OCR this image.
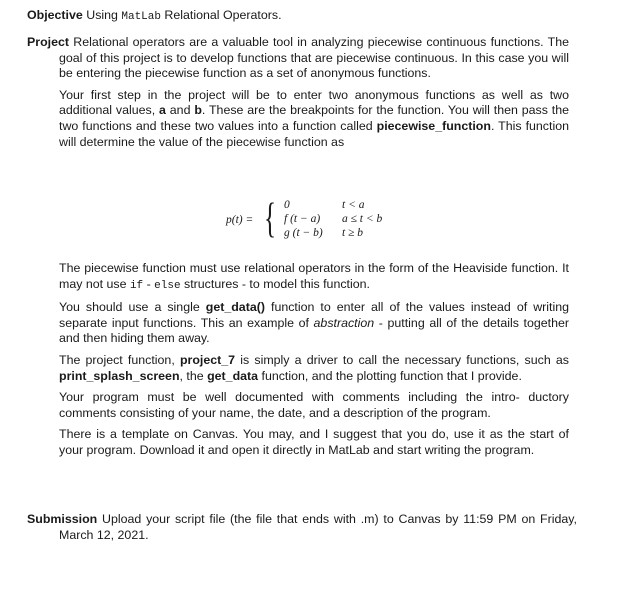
Objective Using MatLab Relational Operators.

Project Relational operators are a valuable tool in analyzing piecewise continuous functions. The goal of this project is to develop functions that are piecewise continuous. In this case you will be entering the piecewise function as a set of anonymous functions.

Your first step in the project will be to enter two anonymous functions as well as two additional values, a and b. These are the breakpoints for the function. You will then pass the two functions and these two values into a function called piecewise_function. This function will determine the value of the piecewise function as

p(t) = { 0	t < a
f (t − a) a ≤ t < b
g (t − b) t ≥ b

The piecewise function must use relational operators in the form of the Heaviside function. It may not use if - else structures - to model this function.

You should use a single get_data() function to enter all of the values instead of writing separate input functions. This an example of abstraction - putting all of the details together and then hiding them away.

The project function, project_7 is simply a driver to call the necessary functions, such as print_splash_screen, the get_data function, and the plotting function that I provide.

Your program must be well documented with comments including the intro- ductory comments consisting of your name, the date, and a description of the program.

There is a template on Canvas. You may, and I suggest that you do, use it as the start of your program. Download it and open it directly in MatLab and start writing the program.

Submission Upload your script file (the file that ends with .m) to Canvas by 11:59 PM on Friday, March 12, 2021.
